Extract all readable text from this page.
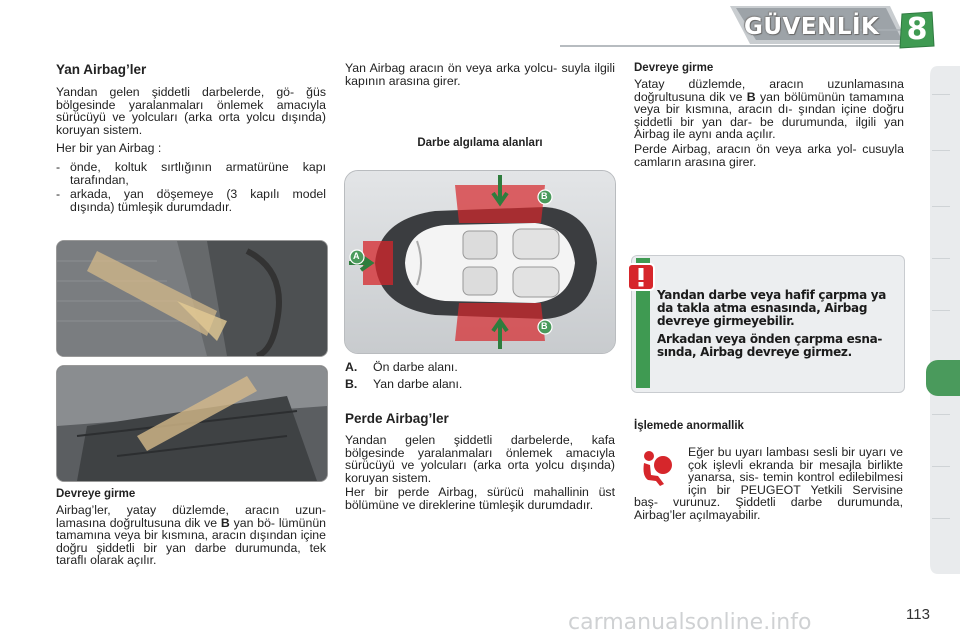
GÜVENLİK 8
Yan Airbag’ler

Yandan gelen şiddetli darbelerde, gö- ğüs bölgesinde yaralanmaları önlemek amacıyla sürücüyü ve yolcuları (arka orta yolcu dışında) koruyan sistem.

Her bir yan Airbag :

- önde, koltuk sırtlığının armatürüne kapı tarafından,
- arkada, yan döşemeye (3 kapılı model dışında) tümleşik durumdadır.
Devreye girme

Airbag’ler, yatay düzlemde, aracın uzun- lamasına doğrultusuna dik ve B yan bö- lümünün tamamına veya bir kısmına, aracın dışından içine doğru şiddetli bir yan darbe durumunda, tek taraflı olarak açılır.

Yan Airbag aracın ön veya arka yolcu- suyla ilgili kapının arasına girer.

Darbe algılama alanları
A
B
B
A.	Ön darbe alanı.
B.	Yan darbe alanı.
Perde Airbag’ler

Yandan gelen şiddetli darbelerde, kafa bölgesinde yaralanmaları önlemek amacıyla sürücüyü ve yolcuları (arka orta yolcu dışında) koruyan sistem.

Her bir perde Airbag, sürücü mahallinin üst bölümüne ve direklerine tümleşik durumdadır.

Devreye girme

Yatay düzlemde, aracın uzunlamasına doğrultusuna dik ve B yan bölümünün tamamına veya bir kısmına, aracın dı- şından içine doğru şiddetli bir yan dar- be durumunda, ilgili yan Airbag ile aynı anda açılır.

Perde Airbag, aracın ön veya arka yol- cusuyla camların arasına girer.

Yandan darbe veya hafif çarpma ya da takla atma esnasında, Airbag devreye girmeyebilir.
Arkadan veya önden çarpma esna- sında, Airbag devreye girmez.
İşlemede anormallik

Eğer bu uyarı lambası sesli bir uyarı ve çok işlevli ekranda bir mesajla birlikte yanarsa, sis- temin kontrol edilebilmesi için bir PEUGEOT Yetkili Servisine baş- vurunuz. Şiddetli darbe durumunda, Airbag’ler açılmayabilir.

113
carmanualsonline.info
